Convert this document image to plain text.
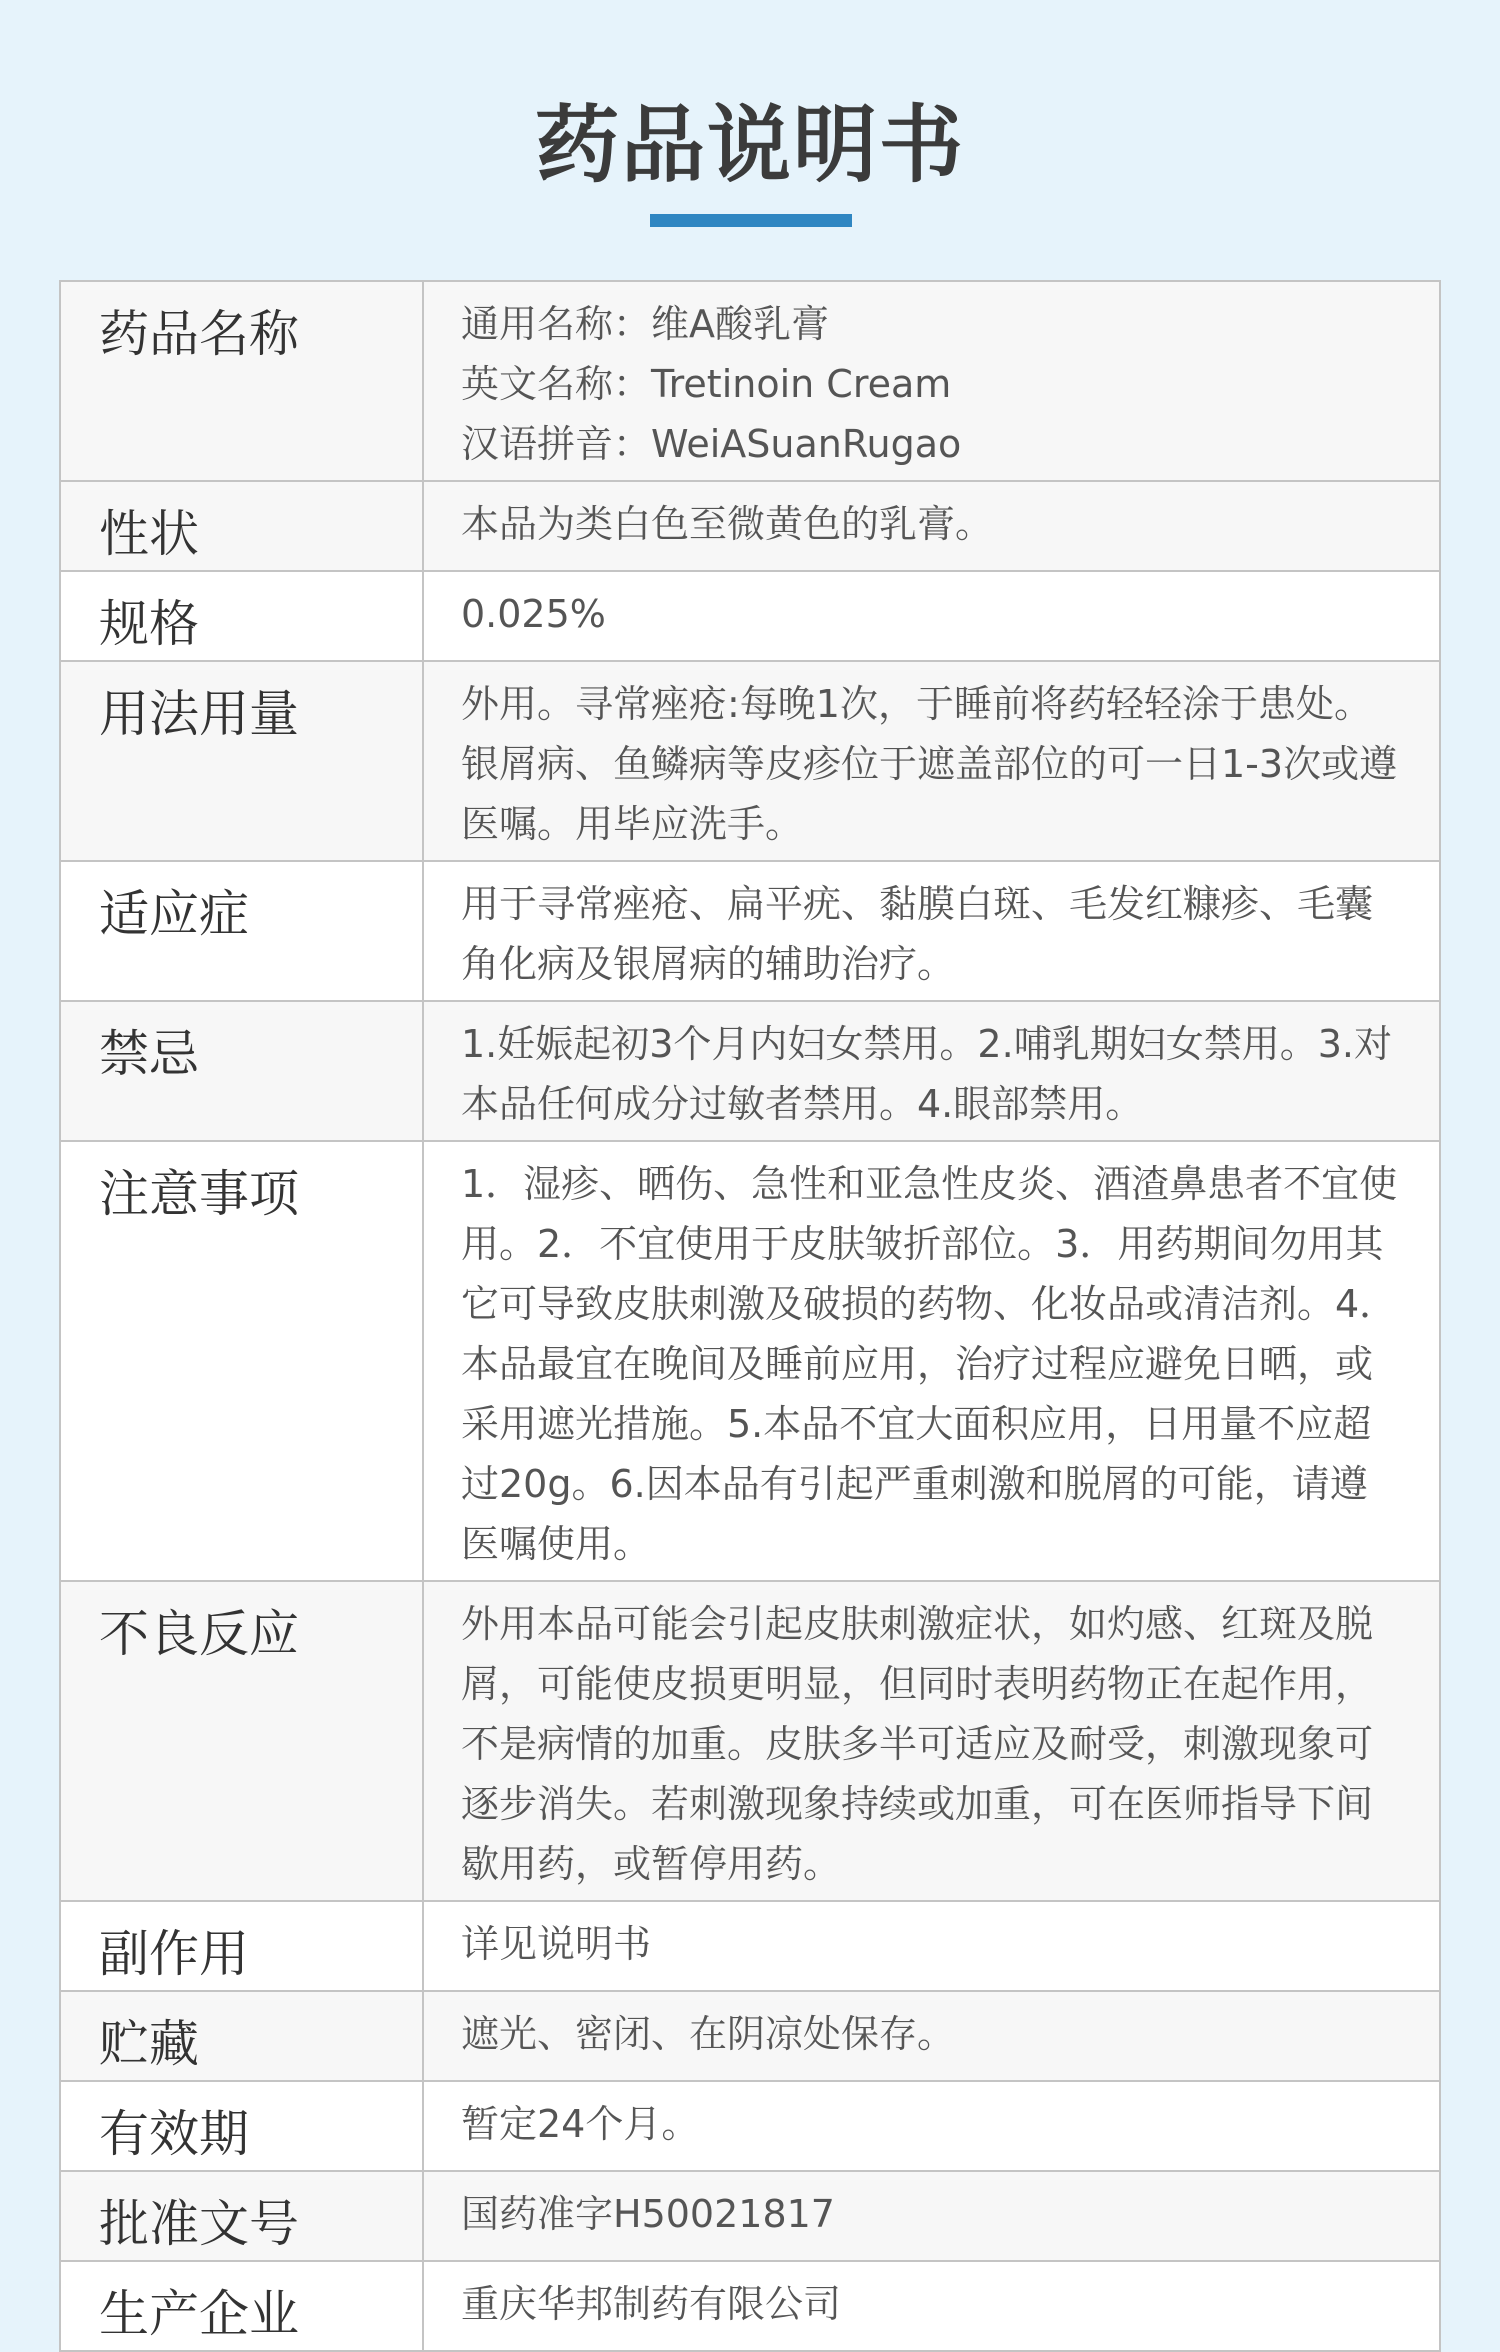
药品说明书
药品名称	通用名称：维A酸乳膏
英文名称：Tretinoin Cream
汉语拼音：WeiASuanRugao
性状	本品为类白色至微黄色的乳膏。
规格	0.025%
用法用量	外用。寻常痤疮:每晚1次，于睡前将药轻轻涂于患处。银屑病、鱼鳞病等皮疹位于遮盖部位的可一日1-3次或遵医嘱。用毕应洗手。
适应症	用于寻常痤疮、扁平疣、黏膜白斑、毛发红糠疹、毛囊角化病及银屑病的辅助治疗。
禁忌	1.妊娠起初3个月内妇女禁用。2.哺乳期妇女禁用。3.对本品任何成分过敏者禁用。4.眼部禁用。
注意事项	1．湿疹、晒伤、急性和亚急性皮炎、酒渣鼻患者不宜使用。2．不宜使用于皮肤皱折部位。3．用药期间勿用其它可导致皮肤刺激及破损的药物、化妆品或清洁剂。4．本品最宜在晚间及睡前应用，治疗过程应避免日晒，或采用遮光措施。5.本品不宜大面积应用，日用量不应超过20g。6.因本品有引起严重刺激和脱屑的可能，请遵医嘱使用。
不良反应	外用本品可能会引起皮肤刺激症状，如灼感、红斑及脱屑，可能使皮损更明显，但同时表明药物正在起作用，不是病情的加重。皮肤多半可适应及耐受，刺激现象可逐步消失。若刺激现象持续或加重，可在医师指导下间歇用药，或暂停用药。
副作用	详见说明书
贮藏	遮光、密闭、在阴凉处保存。
有效期	暂定24个月。
批准文号	国药准字H50021817
生产企业	重庆华邦制药有限公司
